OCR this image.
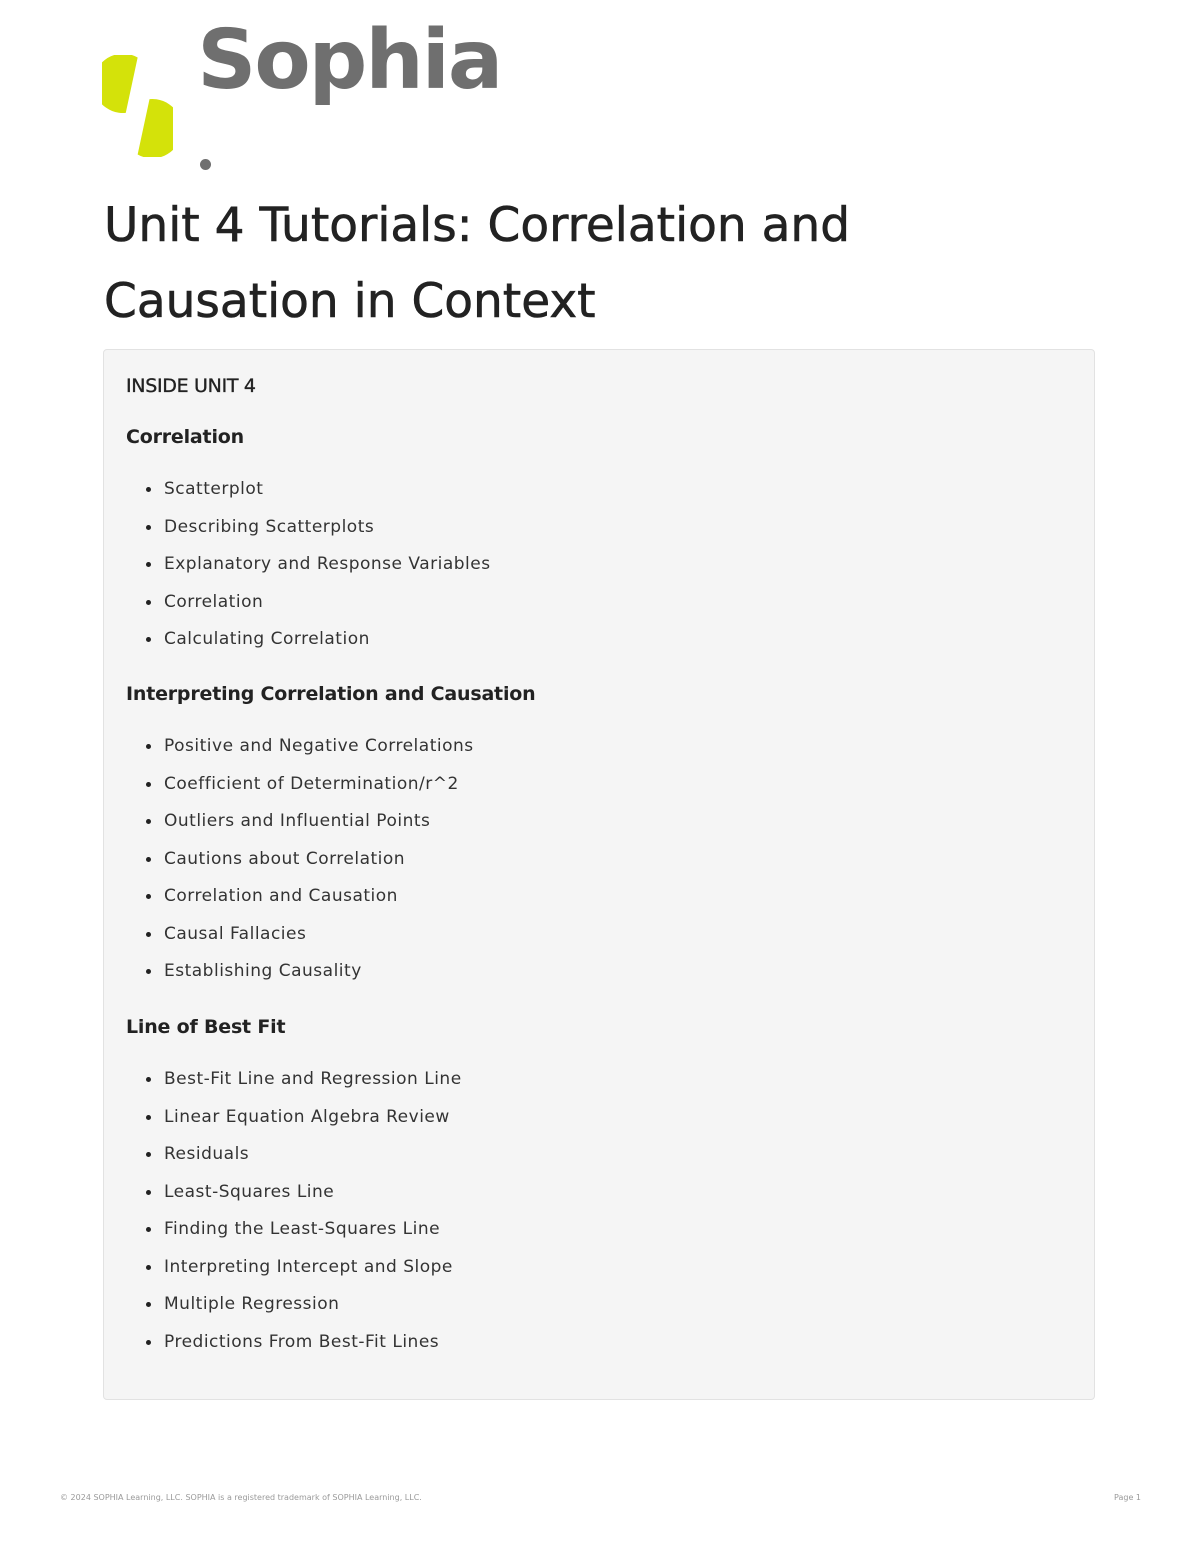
Sophia
Unit 4 Tutorials: Correlation and Causation in Context
INSIDE UNIT 4
Correlation
Scatterplot
Describing Scatterplots
Explanatory and Response Variables
Correlation
Calculating Correlation
Interpreting Correlation and Causation
Positive and Negative Correlations
Coefficient of Determination/r^2
Outliers and Influential Points
Cautions about Correlation
Correlation and Causation
Causal Fallacies
Establishing Causality
Line of Best Fit
Best-Fit Line and Regression Line
Linear Equation Algebra Review
Residuals
Least-Squares Line
Finding the Least-Squares Line
Interpreting Intercept and Slope
Multiple Regression
Predictions From Best-Fit Lines
© 2024 SOPHIA Learning, LLC. SOPHIA is a registered trademark of SOPHIA Learning, LLC.	Page 1
